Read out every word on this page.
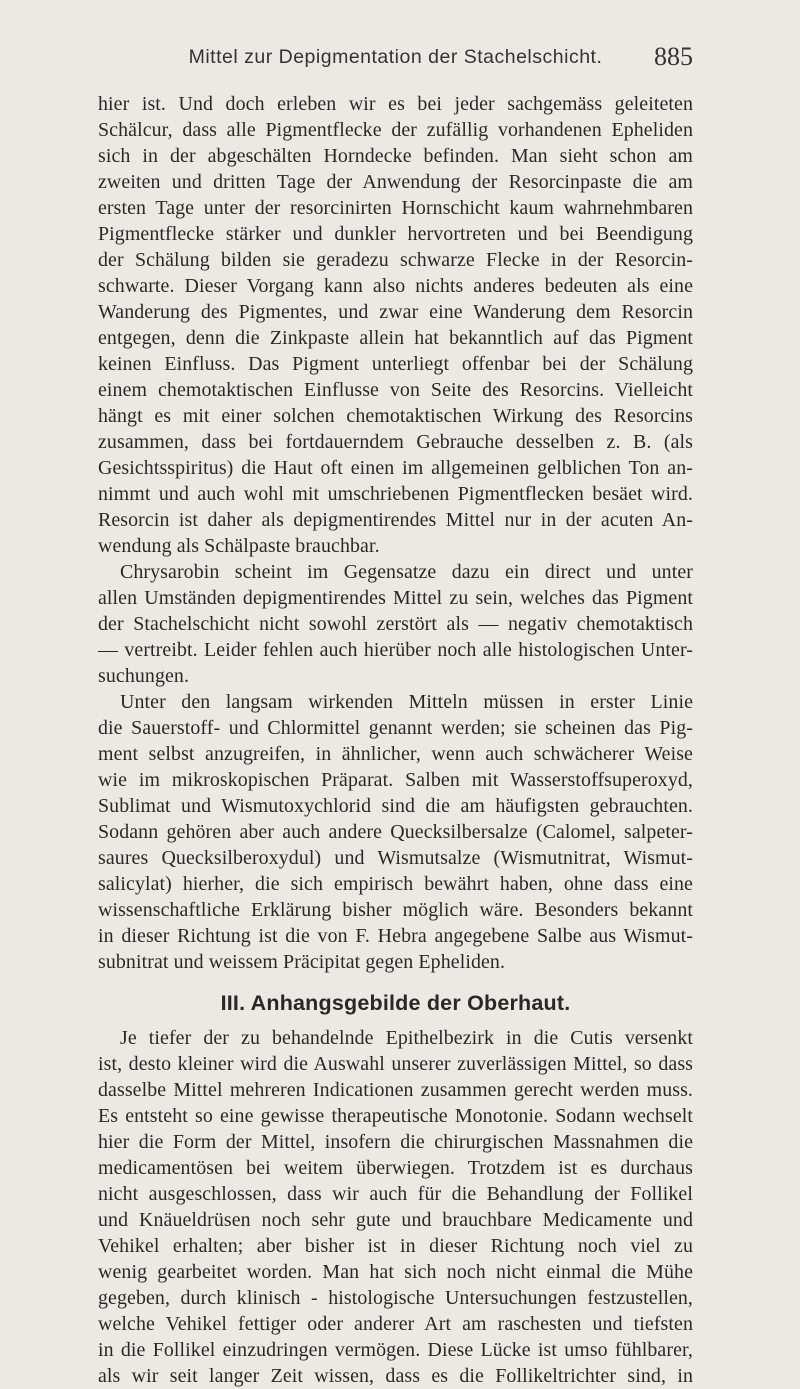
Mittel zur Depigmentation der Stachelschicht.	885
hier ist. Und doch erleben wir es bei jeder sachgemäss geleiteten
Schälcur, dass alle Pigmentflecke der zufällig vorhandenen Epheliden
sich in der abgeschälten Horndecke befinden. Man sieht schon am
zweiten und dritten Tage der Anwendung der Resorcinpaste die am
ersten Tage unter der resorcinirten Hornschicht kaum wahrnehmbaren
Pigmentflecke stärker und dunkler hervortreten und bei Beendigung
der Schälung bilden sie geradezu schwarze Flecke in der Resorcin-
schwarte. Dieser Vorgang kann also nichts anderes bedeuten als eine
Wanderung des Pigmentes, und zwar eine Wanderung dem Resorcin
entgegen, denn die Zinkpaste allein hat bekanntlich auf das Pigment
keinen Einfluss. Das Pigment unterliegt offenbar bei der Schälung
einem chemotaktischen Einflusse von Seite des Resorcins. Vielleicht
hängt es mit einer solchen chemotaktischen Wirkung des Resorcins
zusammen, dass bei fortdauerndem Gebrauche desselben z. B. (als
Gesichtsspiritus) die Haut oft einen im allgemeinen gelblichen Ton an-
nimmt und auch wohl mit umschriebenen Pigmentflecken besäet wird.
Resorcin ist daher als depigmentirendes Mittel nur in der acuten An-
wendung als Schälpaste brauchbar.
Chrysarobin scheint im Gegensatze dazu ein direct und unter
allen Umständen depigmentirendes Mittel zu sein, welches das Pigment
der Stachelschicht nicht sowohl zerstört als — negativ chemotaktisch
— vertreibt. Leider fehlen auch hierüber noch alle histologischen Unter-
suchungen.
Unter den langsam wirkenden Mitteln müssen in erster Linie
die Sauerstoff- und Chlormittel genannt werden; sie scheinen das Pig-
ment selbst anzugreifen, in ähnlicher, wenn auch schwächerer Weise
wie im mikroskopischen Präparat. Salben mit Wasserstoffsuperoxyd,
Sublimat und Wismutoxychlorid sind die am häufigsten gebrauchten.
Sodann gehören aber auch andere Quecksilbersalze (Calomel, salpeter-
saures Quecksilberoxydul) und Wismutsalze (Wismutnitrat, Wismut-
salicylat) hierher, die sich empirisch bewährt haben, ohne dass eine
wissenschaftliche Erklärung bisher möglich wäre. Besonders bekannt
in dieser Richtung ist die von F. Hebra angegebene Salbe aus Wismut-
subnitrat und weissem Präcipitat gegen Epheliden.
III. Anhangsgebilde der Oberhaut.
Je tiefer der zu behandelnde Epithelbezirk in die Cutis versenkt
ist, desto kleiner wird die Auswahl unserer zuverlässigen Mittel, so dass
dasselbe Mittel mehreren Indicationen zusammen gerecht werden muss.
Es entsteht so eine gewisse therapeutische Monotonie. Sodann wechselt
hier die Form der Mittel, insofern die chirurgischen Massnahmen die
medicamentösen bei weitem überwiegen. Trotzdem ist es durchaus
nicht ausgeschlossen, dass wir auch für die Behandlung der Follikel
und Knäueldrüsen noch sehr gute und brauchbare Medicamente und
Vehikel erhalten; aber bisher ist in dieser Richtung noch viel zu
wenig gearbeitet worden. Man hat sich noch nicht einmal die Mühe
gegeben, durch klinisch - histologische Untersuchungen festzustellen,
welche Vehikel fettiger oder anderer Art am raschesten und tiefsten
in die Follikel einzudringen vermögen. Diese Lücke ist umso fühlbarer,
als wir seit langer Zeit wissen, dass es die Follikeltrichter sind, in
